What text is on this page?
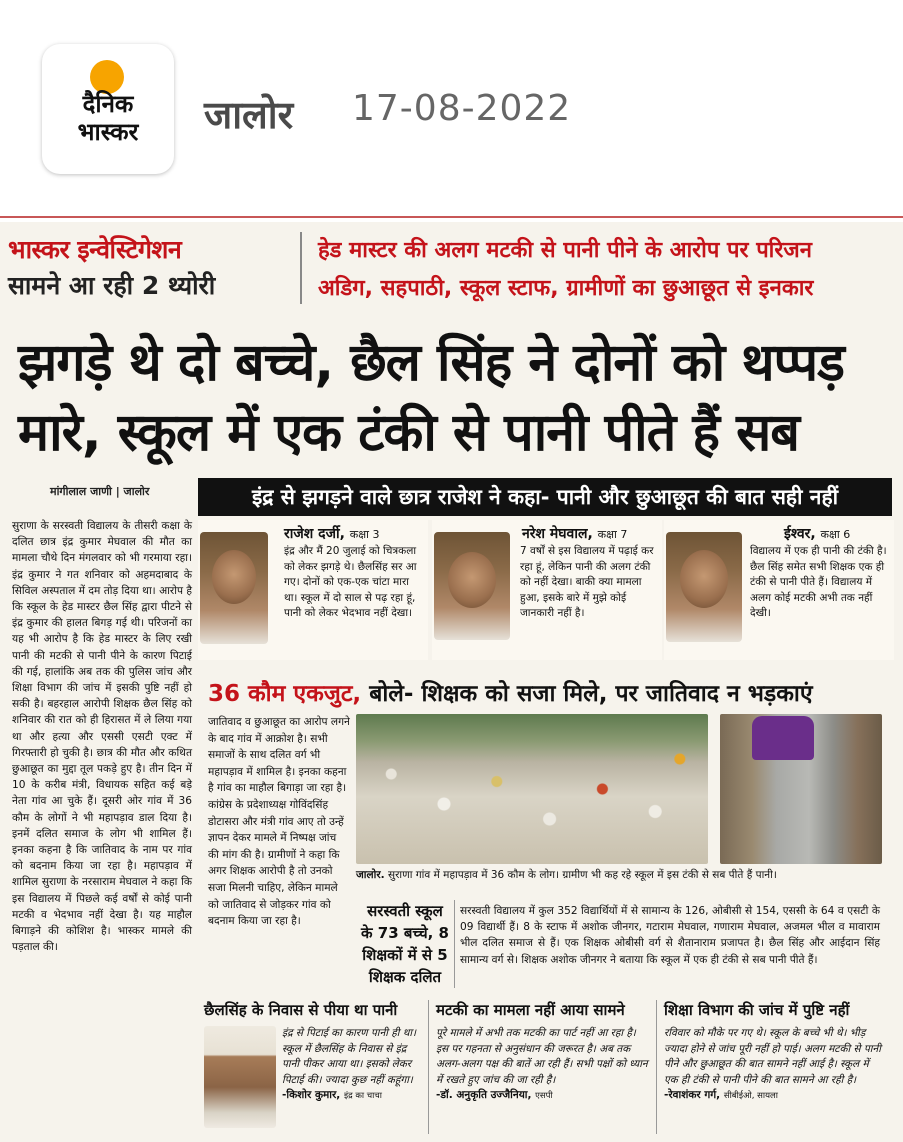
दैनिक
भास्कर	जालोर 17-08-2022
भास्कर इन्वेस्टिगेशन
सामने आ रही 2 थ्योरी
हेड मास्टर की अलग मटकी से पानी पीने के आरोप पर परिजन
अडिग, सहपाठी, स्कूल स्टाफ, ग्रामीणों का छुआछूत से इनकार
झगड़े थे दो बच्चे, छैल सिंह ने दोनों को थप्पड़
मारे, स्कूल में एक टंकी से पानी पीते हैं सब
मांगीलाल जाणी | जालोर	इंद्र से झगड़ने वाले छात्र राजेश ने कहा- पानी और छुआछूत की बात सही नहीं
सुराणा के सरस्वती विद्यालय के तीसरी कक्षा के दलित छात्र इंद्र कुमार मेघवाल की मौत का मामला चौथे दिन मंगलवार को भी गरमाया रहा। इंद्र कुमार ने गत शनिवार को अहमदाबाद के सिविल अस्पताल में दम तोड़ दिया था। आरोप है कि स्कूल के हेड मास्टर छैल सिंह द्वारा पीटने से इंद्र कुमार की हालत बिगड़ गई थी। परिजनों का यह भी आरोप है कि हेड मास्टर के लिए रखी पानी की मटकी से पानी पीने के कारण पिटाई की गई, हालांकि अब तक की पुलिस जांच और शिक्षा विभाग की जांच में इसकी पुष्टि नहीं हो सकी है। बहरहाल आरोपी शिक्षक छैल सिंह को शनिवार की रात को ही हिरासत में ले लिया गया था और हत्या और एससी एसटी एक्ट में गिरफ्तारी हो चुकी है। छात्र की मौत और कथित छुआछूत का मुद्दा तूल पकड़े हुए है। तीन दिन में 10 के करीब मंत्री, विधायक सहित कई बड़े नेता गांव आ चुके हैं। दूसरी ओर गांव में 36 कौम के लोगों ने भी महापड़ाव डाल दिया है। इनमें दलित समाज के लोग भी शामिल हैं। इनका कहना है कि जातिवाद के नाम पर गांव को बदनाम किया जा रहा है। महापड़ाव में शामिल सुराणा के नरसाराम मेघवाल ने कहा कि इस विद्यालय में पिछले कई वर्षों से कोई पानी मटकी व भेदभाव नहीं देखा है। यह माहौल बिगाड़ने की कोशिश है। भास्कर मामले की पड़ताल की।
राजेश दर्जी, कक्षा 3
इंद्र और मैं 20 जुलाई को चित्रकला को लेकर झगड़े थे। छैलसिंह सर आ गए। दोनों को एक-एक चांटा मारा था। स्कूल में दो साल से पढ़ रहा हूं, पानी को लेकर भेदभाव नहीं देखा।
नरेश मेघवाल, कक्षा 7
7 वर्षों से इस विद्यालय में पढ़ाई कर रहा हूं, लेकिन पानी की अलग टंकी को नहीं देखा। बाकी क्या मामला हुआ, इसके बारे में मुझे कोई जानकारी नहीं है।
ईश्वर, कक्षा 6
विद्यालय में एक ही पानी की टंकी है। छैल सिंह समेत सभी शिक्षक एक ही टंकी से पानी पीते हैं। विद्यालय में अलग कोई मटकी अभी तक नहीं देखी।
36 कौम एकजुट, बोले- शिक्षक को सजा मिले, पर जातिवाद न भड़काएं
जातिवाद व छुआछूत का आरोप लगने के बाद गांव में आक्रोश है। सभी समाजों के साथ दलित वर्ग भी महापड़ाव में शामिल है। इनका कहना है गांव का माहौल बिगाड़ा जा रहा है। कांग्रेस के प्रदेशाध्यक्ष गोविंदसिंह डोटासरा और मंत्री गांव आए तो उन्हें ज्ञापन देकर मामले में निष्पक्ष जांच की मांग की है। ग्रामीणों ने कहा कि अगर शिक्षक आरोपी है तो उनको सजा मिलनी चाहिए, लेकिन मामले को जातिवाद से जोड़कर गांव को बदनाम किया जा रहा है।
जालोर. सुराणा गांव में महापड़ाव में 36 कौम के लोग। ग्रामीण भी कह रहे स्कूल में इस टंकी से सब पीते हैं पानी।
सरस्वती स्कूल
के 73 बच्चे, 8
शिक्षकों में से 5
शिक्षक दलित
सरस्वती विद्यालय में कुल 352 विद्यार्थियों में से सामान्य के 126, ओबीसी से 154, एससी के 64 व एसटी के 09 विद्यार्थी हैं। 8 के स्टाफ में अशोक जीनगर, गटाराम मेघवाल, गणाराम मेघवाल, अजमल भील व मावाराम भील दलित समाज से हैं। एक शिक्षक ओबीसी वर्ग से शैतानाराम प्रजापत है। छैल सिंह और आईदान सिंह सामान्य वर्ग से। शिक्षक अशोक जीनगर ने बताया कि स्कूल में एक ही टंकी से सब पानी पीते हैं।
छैलसिंह के निवास से पीया था पानी	मटकी का मामला नहीं आया सामने	शिक्षा विभाग की जांच में पुष्टि नहीं
इंद्र से पिटाई का कारण पानी ही था। स्कूल में छैलसिंह के निवास से इंद्र पानी पीकर आया था। इसको लेकर पिटाई की। ज्यादा कुछ नहीं कहूंगा।
-किशोर कुमार, इंद्र का चाचा
पूरे मामले में अभी तक मटकी का पार्ट नहीं आ रहा है। इस पर गहनता से अनुसंधान की जरूरत है। अब तक अलग-अलग पक्ष की बातें आ रही हैं। सभी पक्षों को ध्यान में रखते हुए जांच की जा रही है।
-डॉ. अनुकृति उज्जैनिया, एसपी
रविवार को मौके पर गए थे। स्कूल के बच्चे भी थे। भीड़ ज्यादा होने से जांच पूरी नहीं हो पाई। अलग मटकी से पानी पीने और छुआछूत की बात सामने नहीं आई है। स्कूल में एक ही टंकी से पानी पीने की बात सामने आ रही है।
-रेवाशंकर गर्ग, सीबीईओ, सायला
